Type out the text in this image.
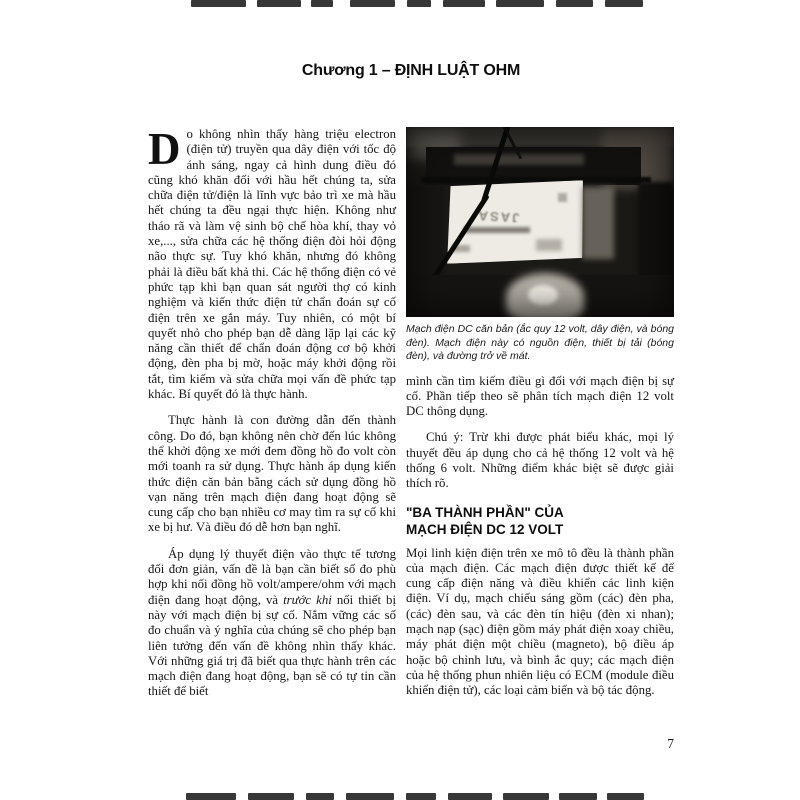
Chương 1 – ĐỊNH LUẬT OHM

Do không nhìn thấy hàng triệu electron (điện tử) truyền qua dây điện với tốc độ ánh sáng, ngay cả hình dung điều đó cũng khó khăn đối với hầu hết chúng ta, sửa chữa điện tử/điện là lĩnh vực bảo trì xe mà hầu hết chúng ta đều ngại thực hiện. Không như tháo rã và làm vệ sinh bộ chế hòa khí, thay vỏ xe,..., sửa chữa các hệ thống điện đòi hỏi động não thực sự. Tuy khó khăn, nhưng đó không phải là điều bất khả thi. Các hệ thống điện có vẻ phức tạp khi bạn quan sát người thợ có kinh nghiệm và kiến thức điện tử chẩn đoán sự cố điện trên xe gắn máy. Tuy nhiên, có một bí quyết nhỏ cho phép bạn dễ dàng lặp lại các kỹ năng cần thiết để chẩn đoán động cơ bộ khởi động, đèn pha bị mờ, hoặc máy khởi động rồi tắt, tìm kiếm và sửa chữa mọi vấn đề phức tạp khác. Bí quyết đó là thực hành.

Thực hành là con đường dẫn đến thành công. Do đó, bạn không nên chờ đến lúc không thể khởi động xe mới đem đồng hồ đo volt còn mới toanh ra sử dụng. Thực hành áp dụng kiến thức điện căn bản bằng cách sử dụng đồng hồ vạn năng trên mạch điện đang hoạt động sẽ cung cấp cho bạn nhiều cơ may tìm ra sự cố khi xe bị hư. Và điều đó dễ hơn bạn nghĩ.

Áp dụng lý thuyết điện vào thực tế tương đối đơn giản, vấn đề là bạn cần biết số đo phù hợp khi nối đồng hồ volt/ampere/ohm với mạch điện đang hoạt động, và trước khi nối thiết bị này với mạch điện bị sự cố. Nắm vững các số đo chuẩn và ý nghĩa của chúng sẽ cho phép bạn liên tưởng đến vấn đề không nhìn thấy khác. Với những giá trị đã biết qua thực hành trên các mạch điện đang hoạt động, bạn sẽ có tự tin cần thiết để biết

JASA
Mạch điện DC căn bản (ắc quy 12 volt, dây điện, và bóng đèn). Mạch điện này có nguồn điện, thiết bị tải (bóng đèn), và đường trở về mát.

mình cần tìm kiếm điều gì đối với mạch điện bị sự cố. Phần tiếp theo sẽ phân tích mạch điện 12 volt DC thông dụng.

Chú ý: Trừ khi được phát biểu khác, mọi lý thuyết đều áp dụng cho cả hệ thống 12 volt và hệ thống 6 volt. Những điểm khác biệt sẽ được giải thích rõ.

"BA THÀNH PHẦN" CỦA
MẠCH ĐIỆN DC 12 VOLT

Mọi linh kiện điện trên xe mô tô đều là thành phần của mạch điện. Các mạch điện được thiết kế để cung cấp điện năng và điều khiển các linh kiện điện. Ví dụ, mạch chiếu sáng gồm (các) đèn pha, (các) đèn sau, và các đèn tín hiệu (đèn xi nhan); mạch nạp (sạc) điện gồm máy phát điện xoay chiều, máy phát điện một chiều (magneto), bộ điều áp hoặc bộ chỉnh lưu, và bình ắc quy; các mạch điện của hệ thống phun nhiên liệu có ECM (module điều khiển điện tử), các loại cảm biến và bộ tác động.

7
